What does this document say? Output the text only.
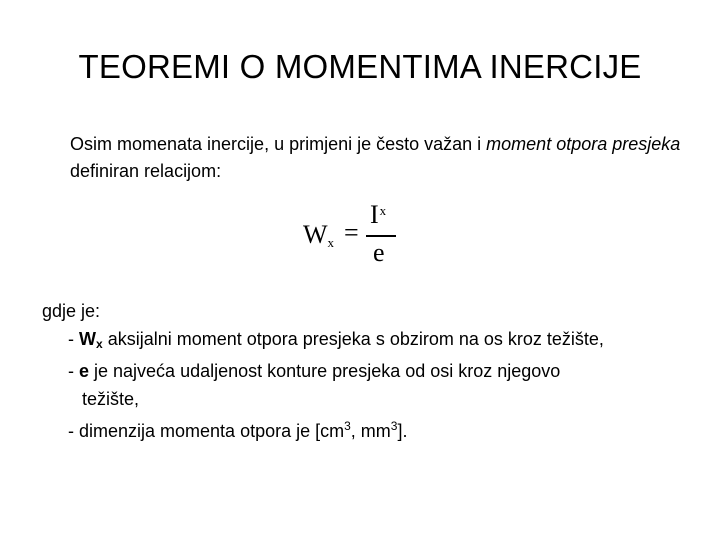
TEOREMI O MOMENTIMA INERCIJE
Osim momenata inercije, u primjeni je često važan i moment otpora presjeka definiran relacijom:
$W_x$ =
$I_x$
e
gdje je:
- $W_x$ aksijalni moment otpora presjeka s obzirom na os kroz težište,
- e je najveća udaljenost konture presjeka od osi kroz njegovo
težište,
- dimenzija momenta otpora je [$cm^3$, $mm^3$].
